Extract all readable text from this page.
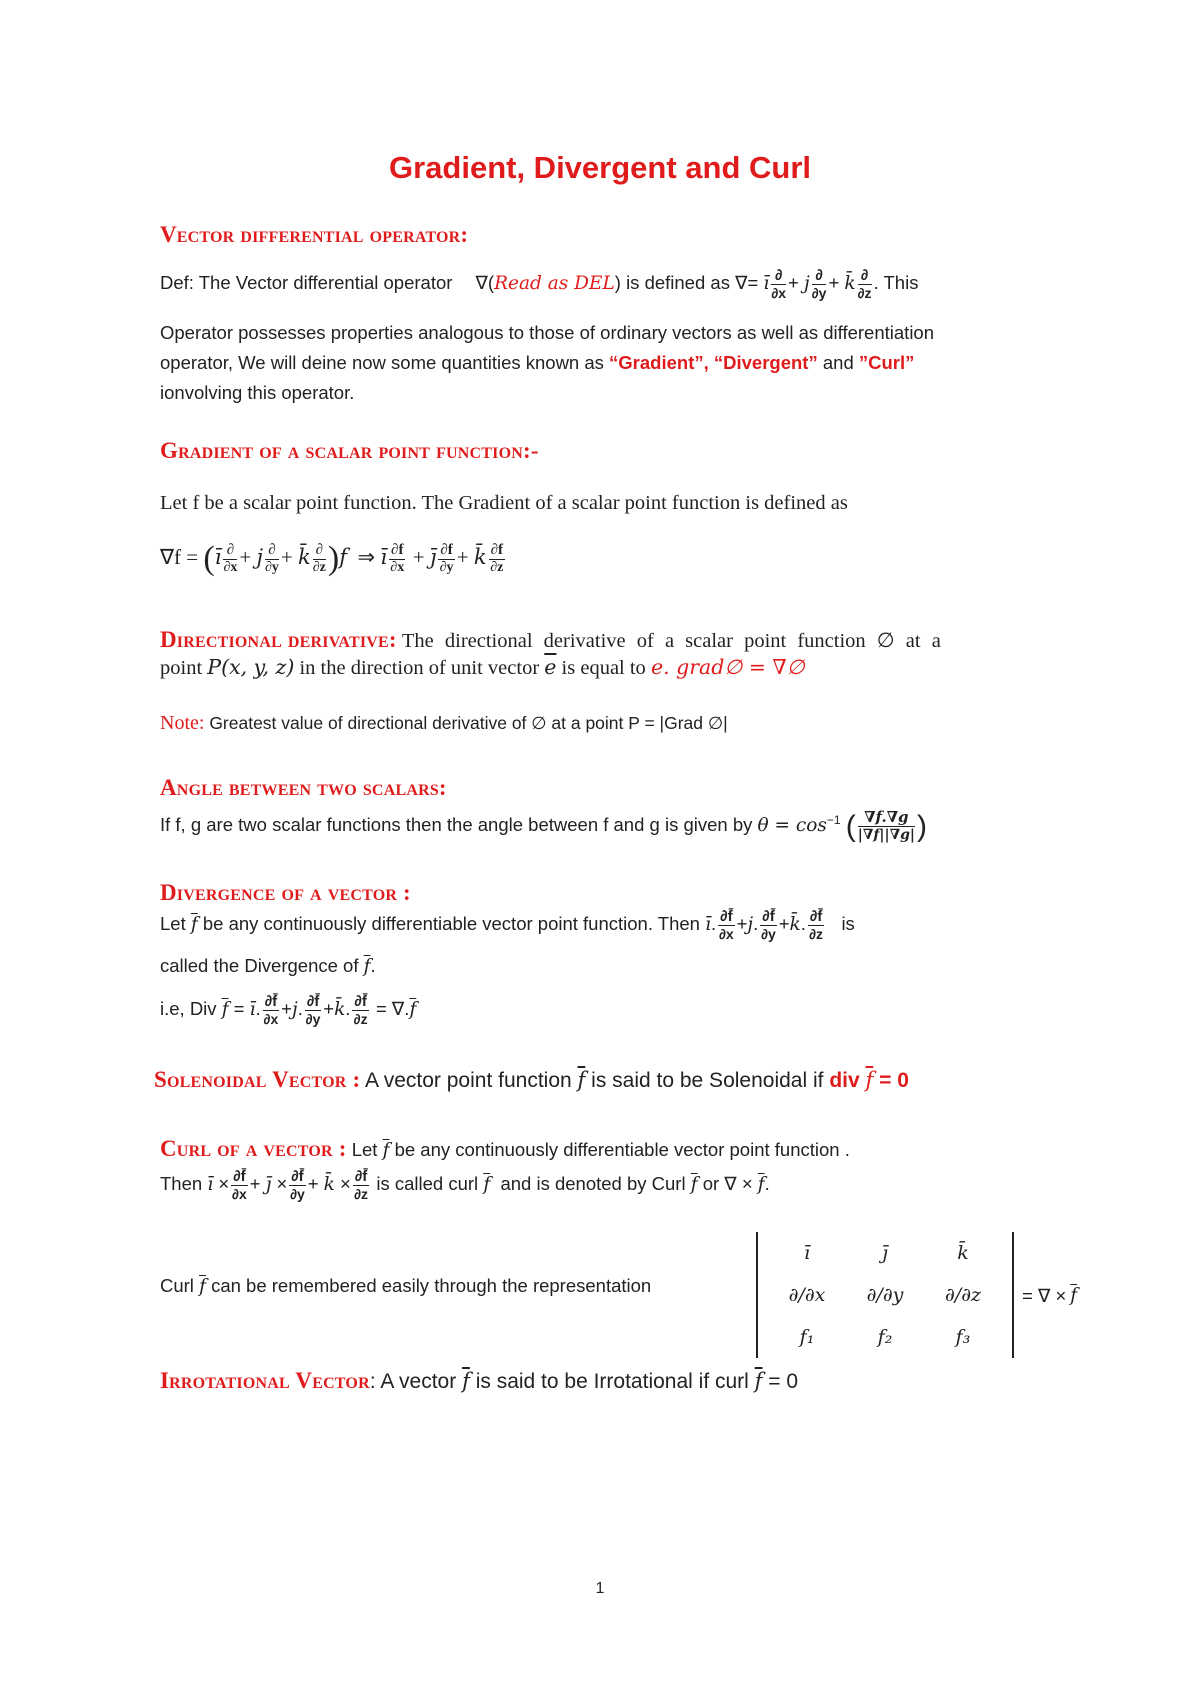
Gradient, Divergent and Curl
Vector differential operator:
Def: The Vector differential operator ∇(Read as DEL) is defined as ∇= ī $\frac{\partial}{\partial x} + j \frac{\partial}{\partial y}$ + k̄ $\frac{\partial}{\partial z}$ . This
Operator possesses properties analogous to those of ordinary vectors as well as differentiation
operator, We will deine now some quantities known as “Gradient”, “Divergent” and ”Curl”
ionvolving this operator.
Gradient of a scalar point function:-
Let f be a scalar point function. The Gradient of a scalar point function is defined as
∇f = (ī $\frac{\partial}{\partial x} + j \frac{\partial}{\partial y}$ + k̄ $\frac{\partial}{\partial z} )f$  ⇒ ī $\frac{\partial f}{\partial x}$ + j̄ $\frac{\partial f}{\partial y}$ + k̄ $\frac{\partial f}{\partial z}$
Directional derivative: The directional derivative of a scalar point function ∅ at a
point P(x, y, z) in the direction of unit vector $\overline{e}$ is equal to e. grad∅ = ∇∅
Note: Greatest value of directional derivative of ∅ at a point P = |Grad ∅|
Angle between two scalars:
If f, g are two scalar functions then the angle between f and g is given by $\theta = \cos^{-1}$ ( $\frac{\nabla f.\nabla g}{|\nabla f||\nabla g|}$ )
Divergence of a vector :
Let $\overline{f}$ be any continuously differentiable vector point function. Then ī. $\frac{\partial f̄}{\partial x} +j$. $\frac{\partial f̄}{\partial y}$ +k̄. $\frac{\partial f̄}{\partial z}$ is
called the Divergence of $\overline{f}$.
i.e, Div $\overline{f}$ = ī. $\frac{\partial f̄}{\partial x} +j$. $\frac{\partial f̄}{\partial y}$ +k̄. $\frac{\partial f̄}{\partial z} = \nabla.\overline{f}$
Solenoidal Vector : A vector point function $\overline{f}$ is said to be Solenoidal if div $\overline{f} = 0$
Curl of a vector : Let $\overline{f}$ be any continuously differentiable vector point function .
Then ī × $\frac{\partial f̄}{\partial x}$ + j̄ × $\frac{\partial f̄}{\partial y}$ + k̄ × $\frac{\partial f̄}{\partial z}$ is called curl $\overline{f}$ and is denoted by Curl $\overline{f}$ or ∇ × $\overline{f}$.
Curl $\overline{f}$ can be remembered easily through the representation
ī	j̄	k̄
∂/∂x	∂/∂y	∂/∂z
f₁	f₂	f₃
= ∇ × $\overline{f}$
Irrotational Vector: A vector $\overline{f}$ is said to be Irrotational if curl $\overline{f} = 0$
1
